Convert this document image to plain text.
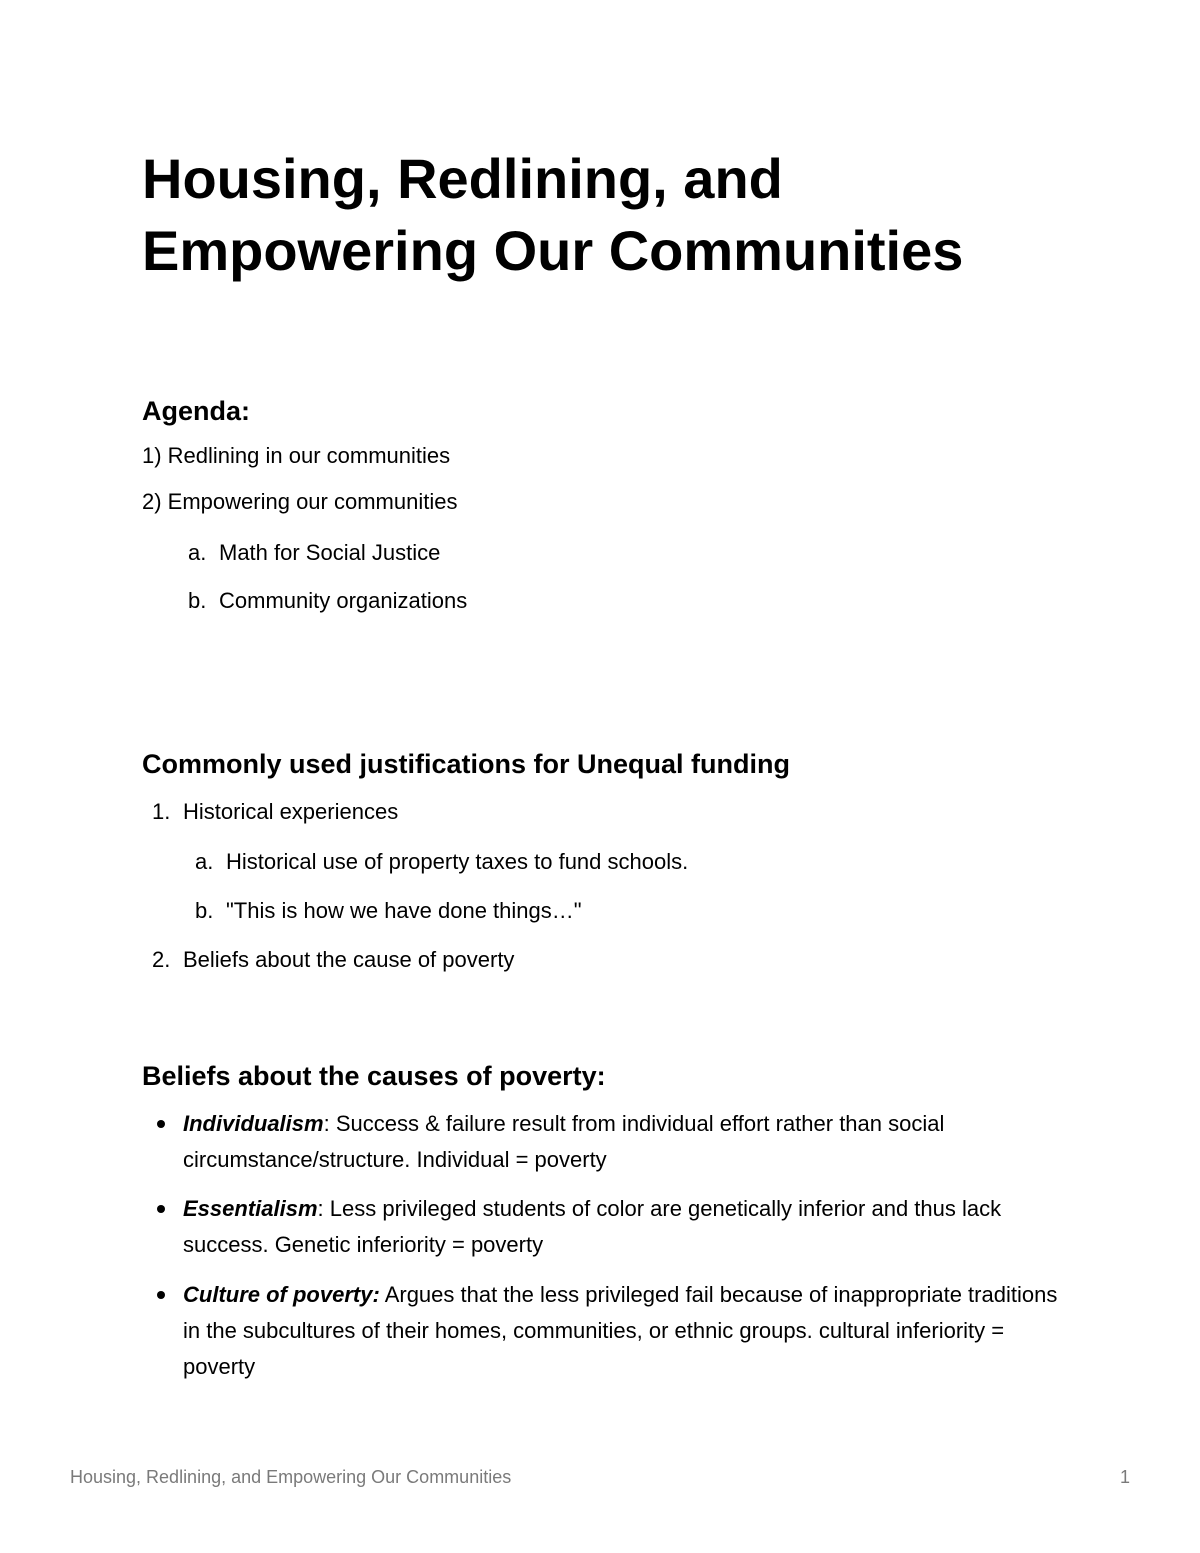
Housing, Redlining, and Empowering Our Communities
Agenda:

1) Redlining in our communities

2) Empowering our communities

a. Math for Social Justice

b. Community organizations

Commonly used justifications for Unequal funding
1. Historical experiences

a. Historical use of property taxes to fund schools.

b. "This is how we have done things…"

2. Beliefs about the cause of poverty

Beliefs about the causes of poverty:

Individualism: Success & failure result from individual effort rather than social circumstance/structure. Individual = poverty

Essentialism: Less privileged students of color are genetically inferior and thus lack success. Genetic inferiority = poverty

Culture of poverty: Argues that the less privileged fail because of inappropriate traditions in the subcultures of their homes, communities, or ethnic groups. cultural inferiority = poverty

Housing, Redlining, and Empowering Our Communities	1
